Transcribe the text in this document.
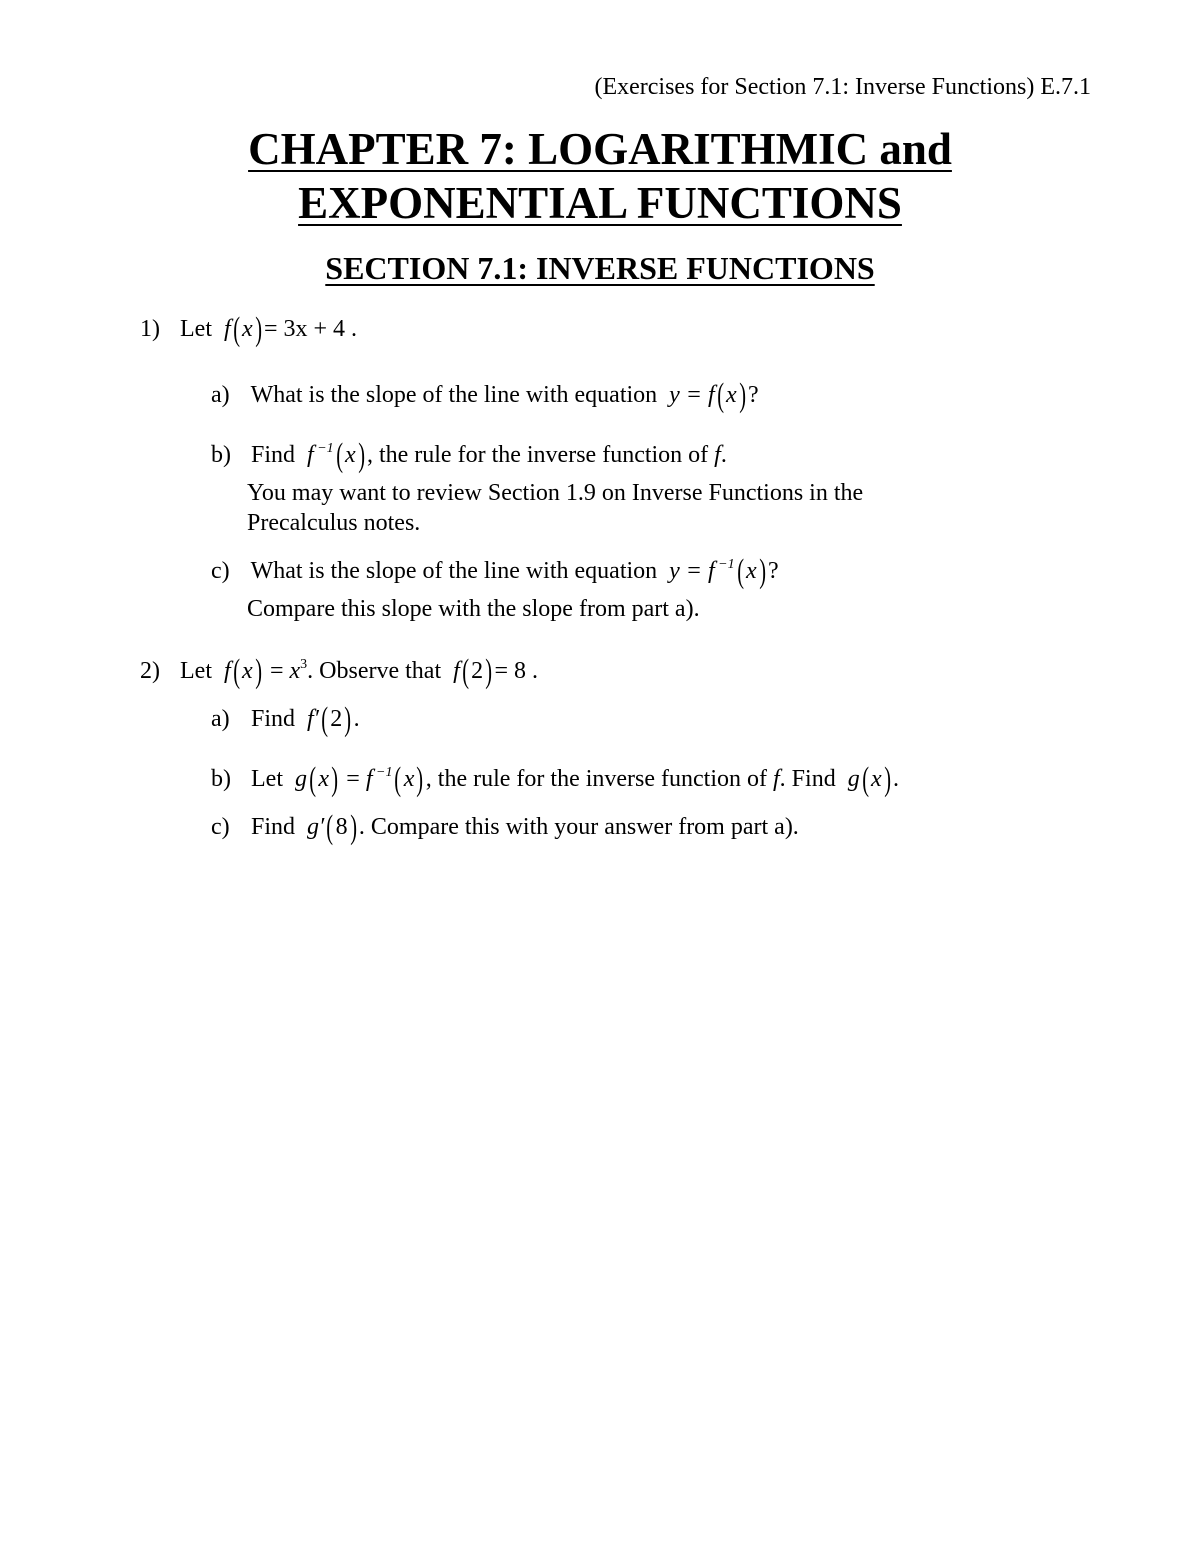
(Exercises for Section 7.1: Inverse Functions) E.7.1
CHAPTER 7: LOGARITHMIC and
EXPONENTIAL FUNCTIONS
SECTION 7.1: INVERSE FUNCTIONS
1) Let  f(x)= 3x + 4 .
a) What is the slope of the line with equation  y = f(x)?
b) Find  f $^{-1}$(x), the rule for the inverse function of f.
You may want to review Section 1.9 on Inverse Functions in the
Precalculus notes.
c) What is the slope of the line with equation  y = f $^{-1}$(x)?
Compare this slope with the slope from part a).
2) Let  $f(x) = x^3$. Observe that  f(2)= 8 .
a) Find  f′(2).
b) Let  g(x) = f $^{-1}$(x), the rule for the inverse function of f. Find  g(x).
c) Find  g′(8). Compare this with your answer from part a).
